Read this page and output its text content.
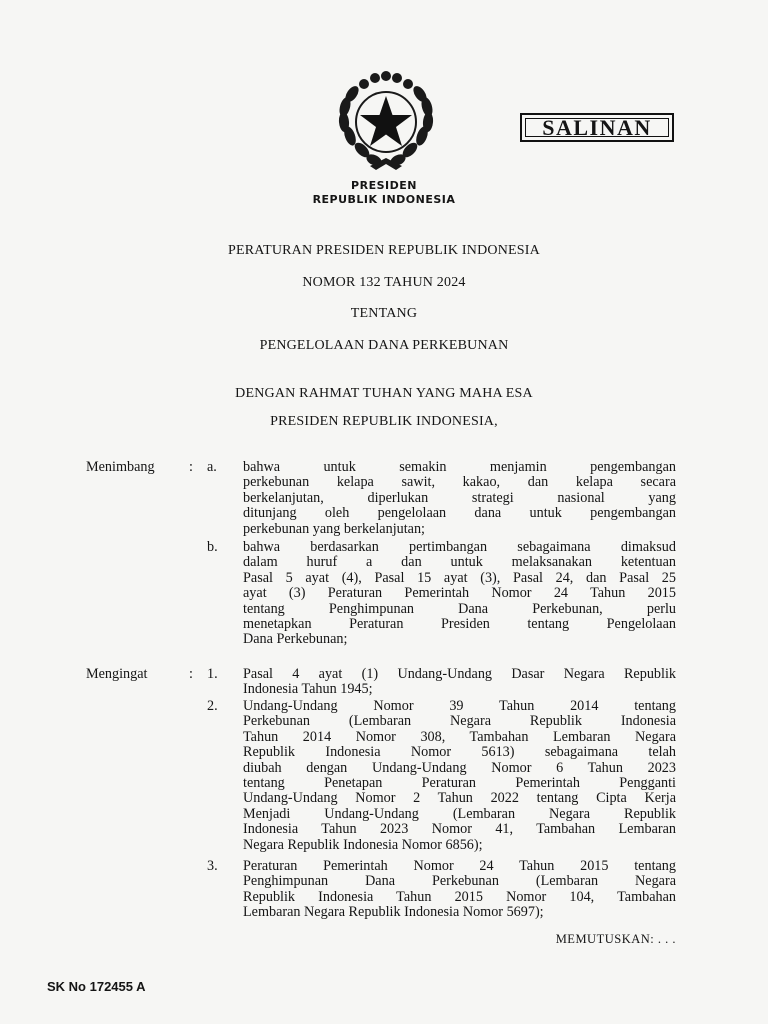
PRESIDEN
REPUBLIK INDONESIA
SALINAN
PERATURAN PRESIDEN REPUBLIK INDONESIA
NOMOR 132 TAHUN 2024
TENTANG
PENGELOLAAN DANA PERKEBUNAN
DENGAN RAHMAT TUHAN YANG MAHA ESA
PRESIDEN REPUBLIK INDONESIA,
Menimbang : a. bahwa untuk semakin menjamin pengembangan
perkebunan kelapa sawit, kakao, dan kelapa secara
berkelanjutan, diperlukan strategi nasional yang
ditunjang oleh pengelolaan dana untuk pengembangan
perkebunan yang berkelanjutan;
b. bahwa berdasarkan pertimbangan sebagaimana dimaksud
dalam huruf a dan untuk melaksanakan ketentuan
Pasal 5 ayat (4), Pasal 15 ayat (3), Pasal 24, dan Pasal 25
ayat (3) Peraturan Pemerintah Nomor 24 Tahun 2015
tentang Penghimpunan Dana Perkebunan, perlu
menetapkan Peraturan Presiden tentang Pengelolaan
Dana Perkebunan;
Mengingat	: 1. Pasal 4 ayat (1) Undang-Undang Dasar Negara Republik
Indonesia Tahun 1945;
2. Undang-Undang Nomor 39 Tahun 2014 tentang
Perkebunan (Lembaran Negara Republik Indonesia
Tahun 2014 Nomor 308, Tambahan Lembaran Negara
Republik Indonesia Nomor 5613) sebagaimana telah
diubah dengan Undang-Undang Nomor 6 Tahun 2023
tentang Penetapan Peraturan Pemerintah Pengganti
Undang-Undang Nomor 2 Tahun 2022 tentang Cipta Kerja
Menjadi Undang-Undang (Lembaran Negara Republik
Indonesia Tahun 2023 Nomor 41, Tambahan Lembaran
Negara Republik Indonesia Nomor 6856);
3. Peraturan Pemerintah Nomor 24 Tahun 2015 tentang
Penghimpunan Dana Perkebunan (Lembaran Negara
Republik Indonesia Tahun 2015 Nomor 104, Tambahan
Lembaran Negara Republik Indonesia Nomor 5697);
MEMUTUSKAN: . . .
SK No 172455 A
